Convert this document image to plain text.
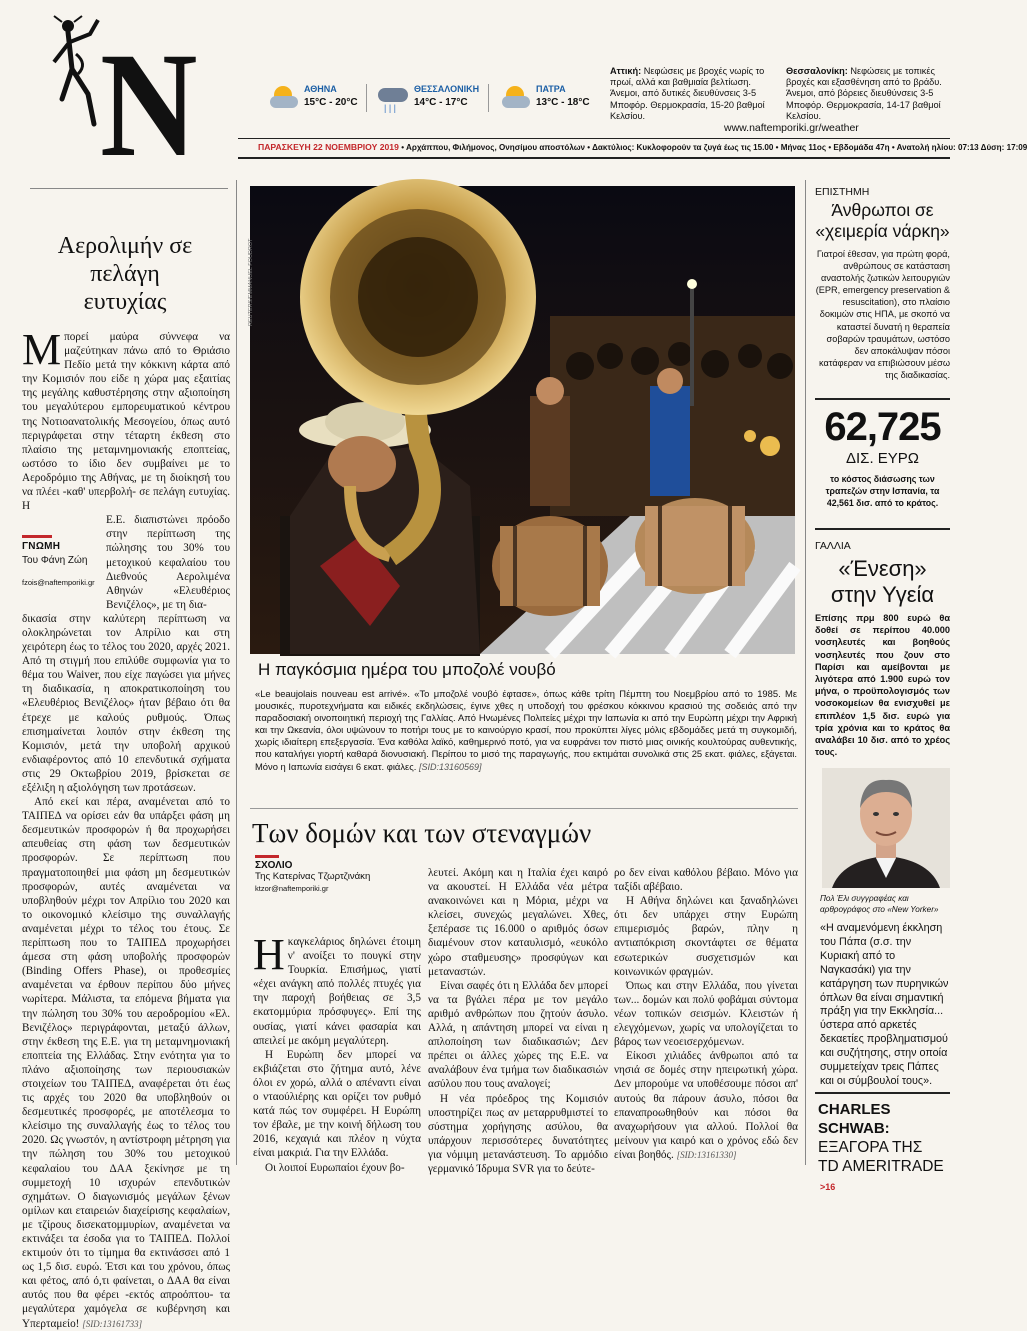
N	ΑΘΗΝΑ
15°C - 20°C	| | |
ΘΕΣΣΑΛΟΝΙΚΗ
14°C - 17°C
ΠΑΤΡΑ
13°C - 18°C
Αττική: Νεφώσεις με βροχές νωρίς το πρωί, αλλά και βαθμιαία βελτίωση. Άνεμοι, από δυτικές διευθύνσεις 3-5 Μποφόρ. Θερμοκρασία, 15-20 βαθμοί Κελσίου.
Θεσσαλονίκη: Νεφώσεις με τοπικές βροχές και εξασθένηση από το βράδυ. Άνεμοι, από βόρειες διευθύνσεις 3-5 Μποφόρ. Θερμοκρασία, 14-17 βαθμοί Κελσίου.
www.naftemporiki.gr/weather
ΠΑΡΑΣΚΕΥΗ 22 ΝΟΕΜΒΡΙΟΥ 2019 • Αρχάππου, Φιλήμονος, Ονησίμου αποστόλων • Δακτύλιος: Κυκλοφορούν τα ζυγά έως τις 15.00 • Μήνας 11ος • Εβδομάδα 47η • Ανατολή ηλίου: 07:13 Δύση: 17:09
Αερολιμήν σε πελάγη ευτυχίας

Μ πορεί μαύρα σύννεφα να μαζεύτηκαν πάνω από το Θριάσιο Πεδίο μετά την κόκκινη κάρτα από την Κομισιόν που είδε η χώρα μας εξαιτίας της μεγάλης καθυστέρησης στην αξιοποίηση του μεγαλύτερου εμπορευματικού κέντρου της Νοτιοανατολικής Μεσογείου, όπως αυτό περιγράφεται στην τέταρτη έκθεση στο πλαίσιο της μεταμνημονιακής εποπτείας, ωστόσο το ίδιο δεν συμβαίνει με το Αεροδρόμιο της Αθήνας, με τη διοίκησή του να πλέει -καθ' υπερβολή- σε πελάγη ευτυχίας. Η

ΓΝΩΜΗ
Του Φάνη Ζώη
fzois@naftemporiki.gr

Ε.Ε. διαπιστώνει πρόοδο στην περίπτωση της πώλησης του 30% του μετοχικού κεφαλαίου του Διεθνούς Αερολιμένα Αθηνών «Ελευθέριος Βενιζέλος», με τη δια-

δικασία στην καλύτερη περίπτωση να ολοκληρώνεται τον Απρίλιο και στη χειρότερη έως το τέλος του 2020, αρχές 2021. Από τη στιγμή που επιλύθε συμφωνία για το θέμα του Waiver, που είχε παγώσει για μήνες τη διαδικασία, η αποκρατικοποίηση του «Ελευθέριος Βενιζέλος» ήταν βέβαιο ότι θα έτρεχε με καλούς ρυθμούς. Όπως επισημαίνεται λοιπόν στην έκθεση της Κομισιόν, μετά την υποβολή αρχικού ενδιαφέροντος από 10 επενδυτικά σχήματα στις 29 Οκτωβρίου 2019, βρίσκεται σε εξέλιξη η αξιολόγηση των προτάσεων.

Από εκεί και πέρα, αναμένεται από το ΤΑΙΠΕΔ να ορίσει εάν θα υπάρξει φάση μη δεσμευτικών προσφορών ή θα προχωρήσει απευθείας στη φάση των δεσμευτικών προσφορών. Σε περίπτωση που πραγματοποιηθεί μια φάση μη δεσμευτικών προσφορών, αυτές αναμένεται να υποβληθούν μέχρι τον Απρίλιο του 2020 και το οικονομικό κλείσιμο της συναλλαγής αναμένεται μέχρι το τέλος του έτους. Σε περίπτωση που το ΤΑΙΠΕΔ προχωρήσει άμεσα στη φάση υποβολής προσφορών (Binding Offers Phase), οι προθεσμίες αναμένεται να έρθουν περίπου δύο μήνες νωρίτερα. Μάλιστα, τα επόμενα βήματα για την πώληση του 30% του αεροδρομίου «Ελ. Βενιζέλος» περιγράφονται, μεταξύ άλλων, στην έκθεση της Ε.Ε. για τη μεταμνημονιακή εποπτεία της Ελλάδας. Στην ενότητα για το πλάνο αξιοποίησης των περιουσιακών στοιχείων του ΤΑΙΠΕΔ, αναφέρεται ότι έως τις αρχές του 2020 θα υποβληθούν οι δεσμευτικές προσφορές, με αποτέλεσμα το κλείσιμο της συναλλαγής έως το τέλος του 2020. Ως γνωστόν, η αντίστροφη μέτρηση για την πώληση του 30% του μετοχικού κεφαλαίου του ΔΑΑ ξεκίνησε με τη συμμετοχή 10 ισχυρών επενδυτικών σχημάτων. Ο διαγωνισμός μεγάλων ξένων ομίλων και εταιρειών διαχείρισης κεφαλαίων, με τζίρους δισεκατομμυρίων, αναμένεται να εκτινάξει τα έσοδα για το ΤΑΙΠΕΔ. Πολλοί εκτιμούν ότι το τίμημα θα εκτινάσσει από 1 ως 1,5 δισ. ευρώ. Έτσι και του χρόνου, όπως και φέτος, από ό,τι φαίνεται, ο ΔΑΑ θα είναι αυτός που θα φέρει -εκτός απροόπτου- τα μεγαλύτερα χαμόγελα σε κυβέρνηση και Υπερταμείο! [SID:13161733]

REUTERS/EMMANUEL FOUDROT
Η παγκόσμια ημέρα του μποζολέ νουβό
«Le beaujolais nouveau est arrivé». «Το μποζολέ νουβό έφτασε», όπως κάθε τρίτη Πέμπτη του Νοεμβρίου από το 1985. Με μουσικές, πυροτεχνήματα και ειδικές εκδηλώσεις, έγινε χθες η υποδοχή του φρέσκου κόκκινου κρασιού της σοδειάς από την παραδοσιακή οινοποιητική περιοχή της Γαλλίας. Από Ηνωμένες Πολιτείες μέχρι την Ιαπωνία κι από την Ευρώπη μέχρι την Αφρική και την Ωκεανία, όλοι υψώνουν το ποτήρι τους με το καινούργιο κρασί, που προκύπτει λίγες μόλις εβδομάδες μετά τη συγκομιδή, χωρίς ιδιαίτερη επεξεργασία. Ένα καθόλα λαϊκό, καθημερινό ποτό, για να ευφράνει τον πιστό μιας οινικής κουλτούρας αυθεντικής, που καταλήγει γιορτή καθαρά διονυσιακή. Περίπου το μισό της παραγωγής, που εκτιμάται συνολικά στις 25 εκατ. φιάλες, εξάγεται. Μόνο η Ιαπωνία εισάγει 6 εκατ. φιάλες. [SID:13160569]
ΕΠΙΣΤΗΜΗ
Άνθρωποι σε «χειμερία νάρκη»
Γιατροί έθεσαν, για πρώτη φορά, ανθρώπους σε κατάσταση αναστολής ζωτικών λειτουργιών (EPR, emergency preservation & resuscitation), στο πλαίσιο δοκιμών στις ΗΠΑ, με σκοπό να καταστεί δυνατή η θεραπεία σοβαρών τραυμάτων, ωστόσο δεν αποκάλυψαν πόσοι κατάφεραν να επιβιώσουν μέσω της διαδικασίας.
62,725
ΔΙΣ. ΕΥΡΩ
το κόστος διάσωσης των τραπεζών στην Ισπανία, τα 42,561 δισ. από το κράτος.
ΓΑΛΛΙΑ
«Ένεση» στην Υγεία
Επίσης πρμ 800 ευρώ θα δοθεί σε περίπου 40.000 νοσηλευτές και βοηθούς νοσηλευτές που ζουν στο Παρίσι και αμείβονται με λιγότερα από 1.900 ευρώ τον μήνα, ο προϋπολογισμός των νοσοκομείων θα ενισχυθεί με επιπλέον 1,5 δισ. ευρώ για τρία χρόνια και το κράτος θα αναλάβει 10 δισ. από το χρέος τους.
Πολ Έλι συγγραφέας και αρθρογράφος στο «New Yorker»
«Η αναμενόμενη έκκληση του Πάπα (σ.σ. την Κυριακή από το Ναγκασάκι) για την κατάργηση των πυρηνικών όπλων θα είναι σημαντική πράξη για την Εκκλησία... ύστερα από αρκετές δεκαετίες προβληματισμού και συζήτησης, στην οποία συμμετείχαν τρεις Πάπες και οι σύμβουλοί τους».
CHARLES SCHWAB:
ΕΞΑΓΟΡΑ ΤΗΣ
TD AMERITRADE >16
Των δομών και των στεναγμών
ΣΧΟΛΙΟ
Της Κατερίνας Τζωρτζινάκη
ktzor@naftemporiki.gr

Η καγκελάριος δηλώνει έτοιμη ν' ανοίξει το πουγκί στην Τουρκία. Επισήμως, γιατί «έχει ανάγκη από πολλές πτυχές για την παροχή βοήθειας σε 3,5 εκατομμύρια πρόσφυγες». Επί της ουσίας, γιατί κάνει φασαρία και απειλεί με ακόμη μεγαλύτερη.

Η Ευρώπη δεν μπορεί να εκβιάζεται στο ζήτημα αυτό, λένε όλοι εν χορώ, αλλά ο απέναντι είναι ο νταούλιέρης και ορίζει τον ρυθμό κατά πώς τον συμφέρει. Η Ευρώπη τον έβαλε, με την κοινή δήλωση του 2016, κεχαγιά και πλέον η νύχτα είναι μακριά. Για την Ελλάδα.

Οι λοιποί Ευρωπαίοι έχουν βο-

λευτεί. Ακόμη και η Ιταλία έχει καιρό να ακουστεί. Η Ελλάδα νέα μέτρα ανακοινώνει και η Μόρια, μέχρι να κλείσει, συνεχώς μεγαλώνει. Χθες, ξεπέρασε τις 16.000 ο αριθμός όσων διαμένουν στον καταυλισμό, «ευκόλο χώρο σταθμευσης» προσφύγων και μεταναστών.

Είναι σαφές ότι η Ελλάδα δεν μπορεί να τα βγάλει πέρα με τον μεγάλο αριθμό ανθρώπων που ζητούν άσυλο. Αλλά, η απάντηση μπορεί να είναι η απλοποίηση των διαδικασιών; Δεν πρέπει οι άλλες χώρες της Ε.Ε. να αναλάβουν ένα τμήμα των διαδικασιών ασύλου που τους αναλογεί;

Η νέα πρόεδρος της Κομισιόν υποστηρίζει πως αν μεταρρυθμιστεί το σύστημα χορήγησης ασύλου, θα υπάρχουν περισσότερες δυνατότητες για νόμιμη μετανάστευση. Το αρμόδιο γερμανικό Ίδρυμα SVR για το δεύτε-

ρο δεν είναι καθόλου βέβαιο. Μόνο για ταξίδι αβέβαιο.

Η Αθήνα δηλώνει και ξαναδηλώνει ότι δεν υπάρχει στην Ευρώπη επιμερισμός βαρών, πλην η αντιαπόκριση σκοντάφτει σε θέματα εσωτερικών συσχετισμών και κοινωνικών φραγμών.

Όπως και στην Ελλάδα, που γίνεται των... δομών και πολύ φοβάμαι σύντομα νέων τοπικών σεισμών. Κλειστών ή ελεγχόμενων, χωρίς να υπολογίζεται το βάρος των νεοεισερχόμενων.

Είκοσι χιλιάδες άνθρωποι από τα νησιά σε δομές στην ηπειρωτική χώρα. Δεν μπορούμε να υποθέσουμε πόσοι απ' αυτούς θα πάρουν άσυλο, πόσοι θα επαναπροωθηθούν και πόσοι θα αναχωρήσουν για αλλού. Πολλοί θα μείνουν για καιρό και ο χρόνος εδώ δεν είναι βοηθός. [SID:13161330]
